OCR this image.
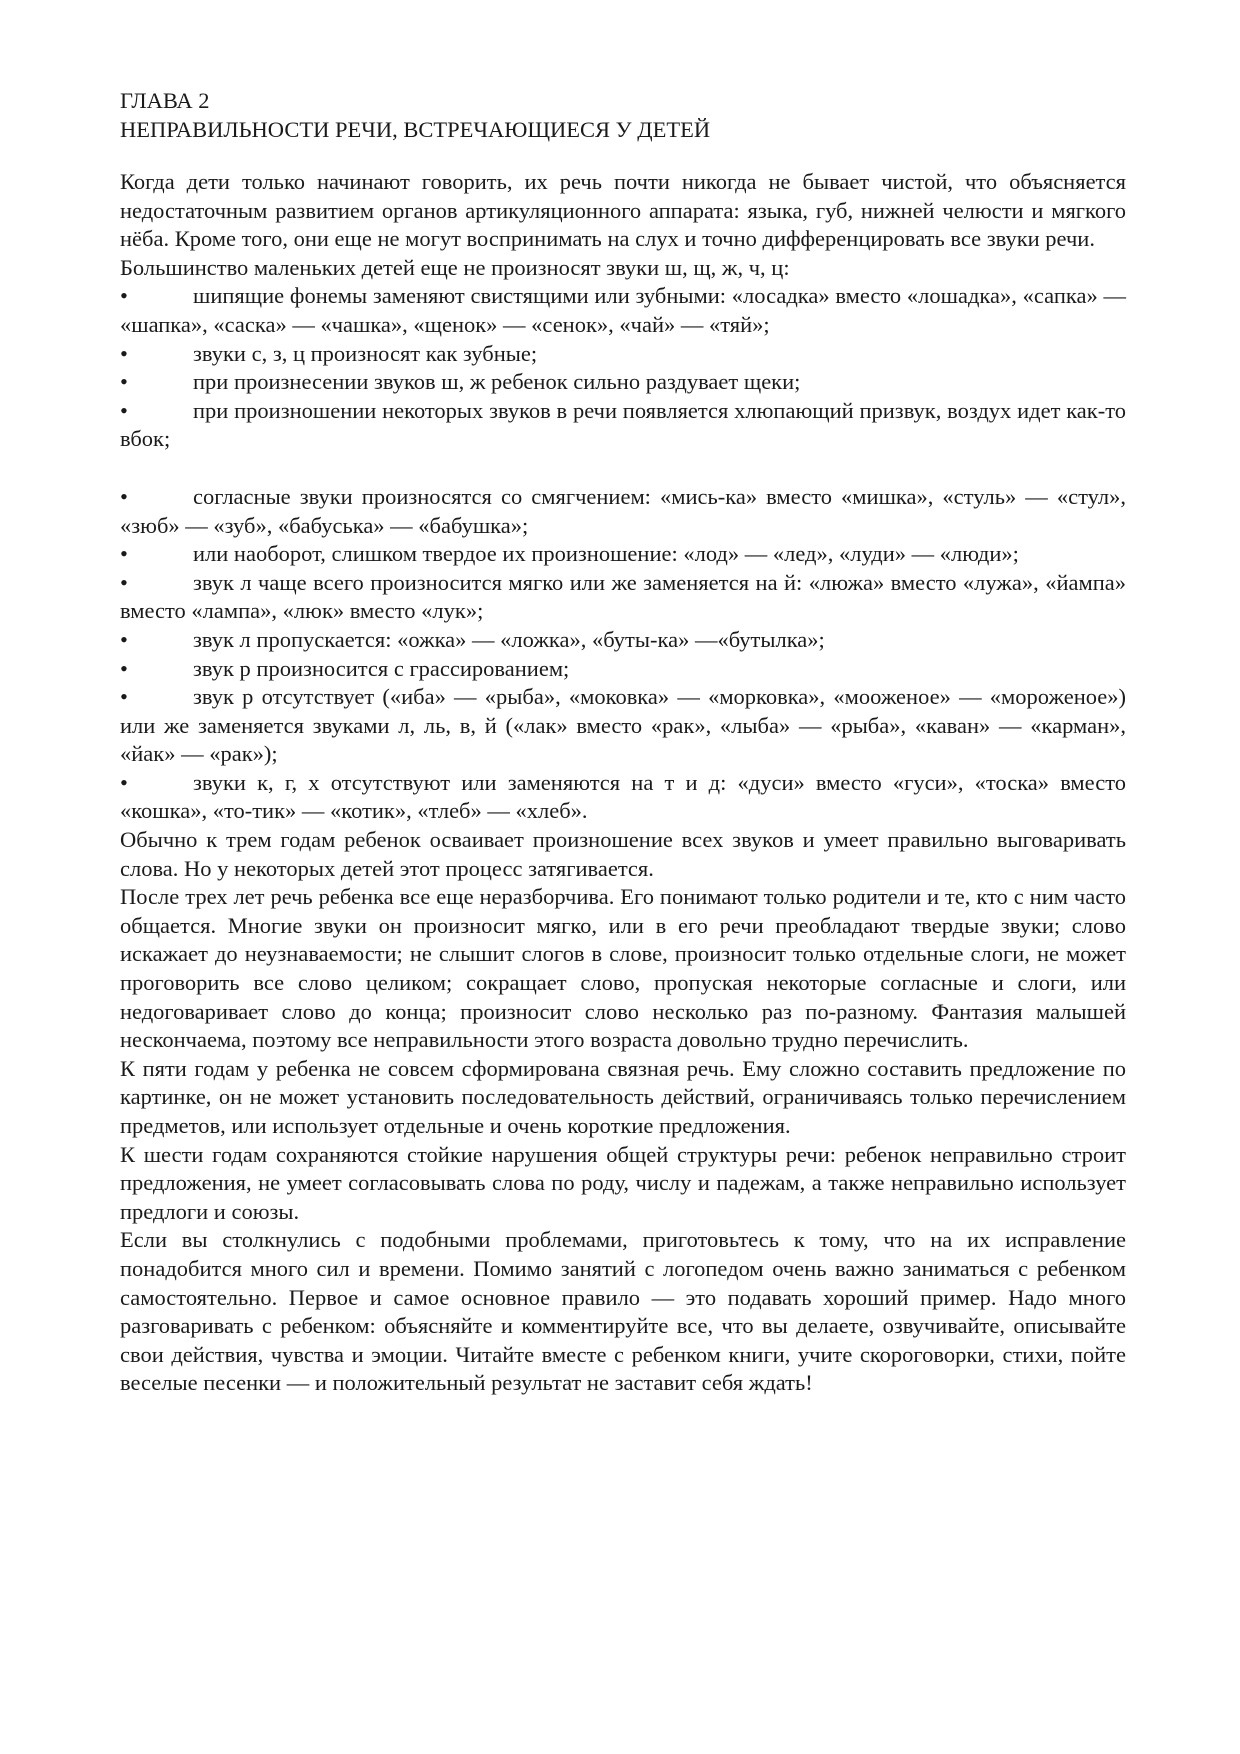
ГЛАВА 2
НЕПРАВИЛЬНОСТИ РЕЧИ, ВСТРЕЧАЮЩИЕСЯ У ДЕТЕЙ

Когда дети только начинают говорить, их речь почти никогда не бывает чистой, что объясняется недостаточным развитием органов артикуляционного аппарата: языка, губ, нижней челюсти и мягкого нёба. Кроме того, они еще не могут воспринимать на слух и точно дифференцировать все звуки речи.

Большинство маленьких детей еще не произносят звуки ш, щ, ж, ч, ц:

•	шипящие фонемы заменяют свистящими или зубными: «лосадка» вместо «лошадка», «сапка» — «шапка», «саска» — «чашка», «щенок» — «сенок», «чай» — «тяй»;

•	звуки с, з, ц произносят как зубные;

•	при произнесении звуков ш, ж ребенок сильно раздувает щеки;

•	при произношении некоторых звуков в речи появляется хлюпающий призвук, воздух идет как-то вбок;

•	согласные звуки произносятся со смягчением: «мись-ка» вместо «мишка», «стуль» — «стул», «зюб» — «зуб», «бабуська» — «бабушка»;

•	или наоборот, слишком твердое их произношение: «лод» — «лед», «луди» — «люди»;

•	звук л чаще всего произносится мягко или же заменяется на й: «люжа» вместо «лужа», «йампа» вместо «лампа», «люк» вместо «лук»;

•	звук л пропускается: «ожка» — «ложка», «буты-ка» —«бутылка»;

•	звук р произносится с грассированием;

•	звук р отсутствует («иба» — «рыба», «моковка» — «морковка», «мооженое» — «мороженое») или же заменяется звуками л, ль, в, й («лак» вместо «рак», «лыба» — «рыба», «каван» — «карман», «йак» — «рак»);

•	звуки к, г, х отсутствуют или заменяются на т и д: «дуси» вместо «гуси», «тоска» вместо «кошка», «то-тик» — «котик», «тлеб» — «хлеб».

Обычно к трем годам ребенок осваивает произношение всех звуков и умеет правильно выговаривать слова. Но у некоторых детей этот процесс затягивается.

После трех лет речь ребенка все еще неразборчива. Его понимают только родители и те, кто с ним часто общается. Многие звуки он произносит мягко, или в его речи преобладают твердые звуки; слово искажает до неузнаваемости; не слышит слогов в слове, произносит только отдельные слоги, не может проговорить все слово целиком; сокращает слово, пропуская некоторые согласные и слоги, или недоговаривает слово до конца; произносит слово несколько раз по-разному. Фантазия малышей нескончаема, поэтому все неправильности этого возраста довольно трудно перечислить.

К пяти годам у ребенка не совсем сформирована связная речь. Ему сложно составить предложение по картинке, он не может установить последовательность действий, ограничиваясь только перечислением предметов, или использует отдельные и очень короткие предложения.

К шести годам сохраняются стойкие нарушения общей структуры речи: ребенок неправильно строит предложения, не умеет согласовывать слова по роду, числу и падежам, а также неправильно использует предлоги и союзы.

Если вы столкнулись с подобными проблемами, приготовьтесь к тому, что на их исправление понадобится много сил и времени. Помимо занятий с логопедом очень важно заниматься с ребенком самостоятельно. Первое и самое основное правило — это подавать хороший пример. Надо много разговаривать с ребенком: объясняйте и комментируйте все, что вы делаете, озвучивайте, описывайте свои действия, чувства и эмоции. Читайте вместе с ребенком книги, учите скороговорки, стихи, пойте веселые песенки — и положительный результат не заставит себя ждать!
